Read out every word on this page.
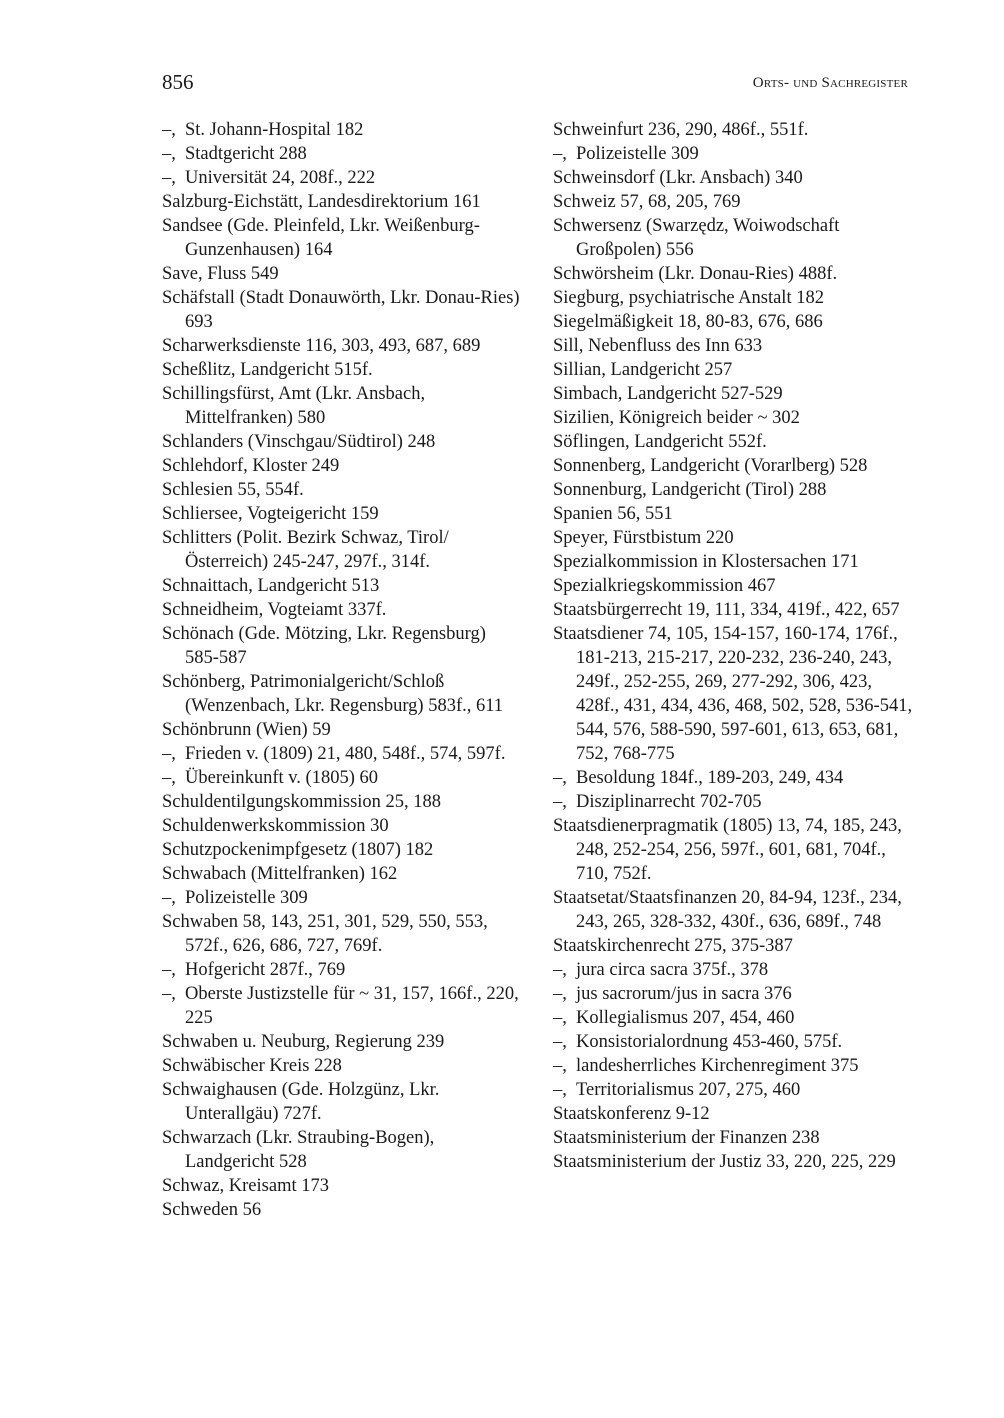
856	Orts- und Sachregister

–,St. Johann-Hospital 182

–,Stadtgericht 288

–,Universität 24, 208f., 222

Salzburg-Eichstätt, Landesdirektorium 161

Sandsee (Gde. Pleinfeld, Lkr. Weißenburg-Gunzenhausen) 164

Save, Fluss 549

Schäfstall (Stadt Donauwörth, Lkr. Donau-Ries) 693

Scharwerksdienste 116, 303, 493, 687, 689

Scheßlitz, Landgericht 515f.

Schillingsfürst, Amt (Lkr. Ansbach, Mittelfranken) 580

Schlanders (Vinschgau/Südtirol) 248

Schlehdorf, Kloster 249

Schlesien 55, 554f.

Schliersee, Vogteigericht 159

Schlitters (Polit. Bezirk Schwaz, Tirol/Österreich) 245-247, 297f., 314f.

Schnaittach, Landgericht 513

Schneidheim, Vogteiamt 337f.

Schönach (Gde. Mötzing, Lkr. Regensburg) 585-587

Schönberg, Patrimonialgericht/Schloß (Wenzenbach, Lkr. Regensburg) 583f., 611

Schönbrunn (Wien) 59

–,Frieden v. (1809) 21, 480, 548f., 574, 597f.

–,Übereinkunft v. (1805) 60

Schuldentilgungskommission 25, 188

Schuldenwerkskommission 30

Schutzpockenimpfgesetz (1807) 182

Schwabach (Mittelfranken) 162

–,Polizeistelle 309

Schwaben 58, 143, 251, 301, 529, 550, 553, 572f., 626, 686, 727, 769f.

–,Hofgericht 287f., 769

–,Oberste Justizstelle für ~ 31, 157, 166f., 220, 225

Schwaben u. Neuburg, Regierung 239

Schwäbischer Kreis 228

Schwaighausen (Gde. Holzgünz, Lkr. Unterallgäu) 727f.

Schwarzach (Lkr. Straubing-Bogen), Landgericht 528

Schwaz, Kreisamt 173

Schweden 56

Schweinfurt 236, 290, 486f., 551f.

–,Polizeistelle 309

Schweinsdorf (Lkr. Ansbach) 340

Schweiz 57, 68, 205, 769

Schwersenz (Swarzędz, Woiwodschaft Großpolen) 556

Schwörsheim (Lkr. Donau-Ries) 488f.

Siegburg, psychiatrische Anstalt 182

Siegelmäßigkeit 18, 80-83, 676, 686

Sill, Nebenfluss des Inn 633

Sillian, Landgericht 257

Simbach, Landgericht 527-529

Sizilien, Königreich beider ~ 302

Söflingen, Landgericht 552f.

Sonnenberg, Landgericht (Vorarlberg) 528

Sonnenburg, Landgericht (Tirol) 288

Spanien 56, 551

Speyer, Fürstbistum 220

Spezialkommission in Klostersachen 171

Spezialkriegskommission 467

Staatsbürgerrecht 19, 111, 334, 419f., 422, 657

Staatsdiener 74, 105, 154-157, 160-174, 176f., 181-213, 215-217, 220-232, 236-240, 243, 249f., 252-255, 269, 277-292, 306, 423, 428f., 431, 434, 436, 468, 502, 528, 536-541, 544, 576, 588-590, 597-601, 613, 653, 681, 752, 768-775

–,Besoldung 184f., 189-203, 249, 434

–,Disziplinarrecht 702-705

Staatsdienerpragmatik (1805) 13, 74, 185, 243, 248, 252-254, 256, 597f., 601, 681, 704f., 710, 752f.

Staatsetat/Staatsfinanzen 20, 84-94, 123f., 234, 243, 265, 328-332, 430f., 636, 689f., 748

Staatskirchenrecht 275, 375-387

–,jura circa sacra 375f., 378

–,jus sacrorum/jus in sacra 376

–,Kollegialismus 207, 454, 460

–,Konsistorialordnung 453-460, 575f.

–,landesherrliches Kirchenregiment 375

–,Territorialismus 207, 275, 460

Staatskonferenz 9-12

Staatsministerium der Finanzen 238

Staatsministerium der Justiz 33, 220, 225, 229
